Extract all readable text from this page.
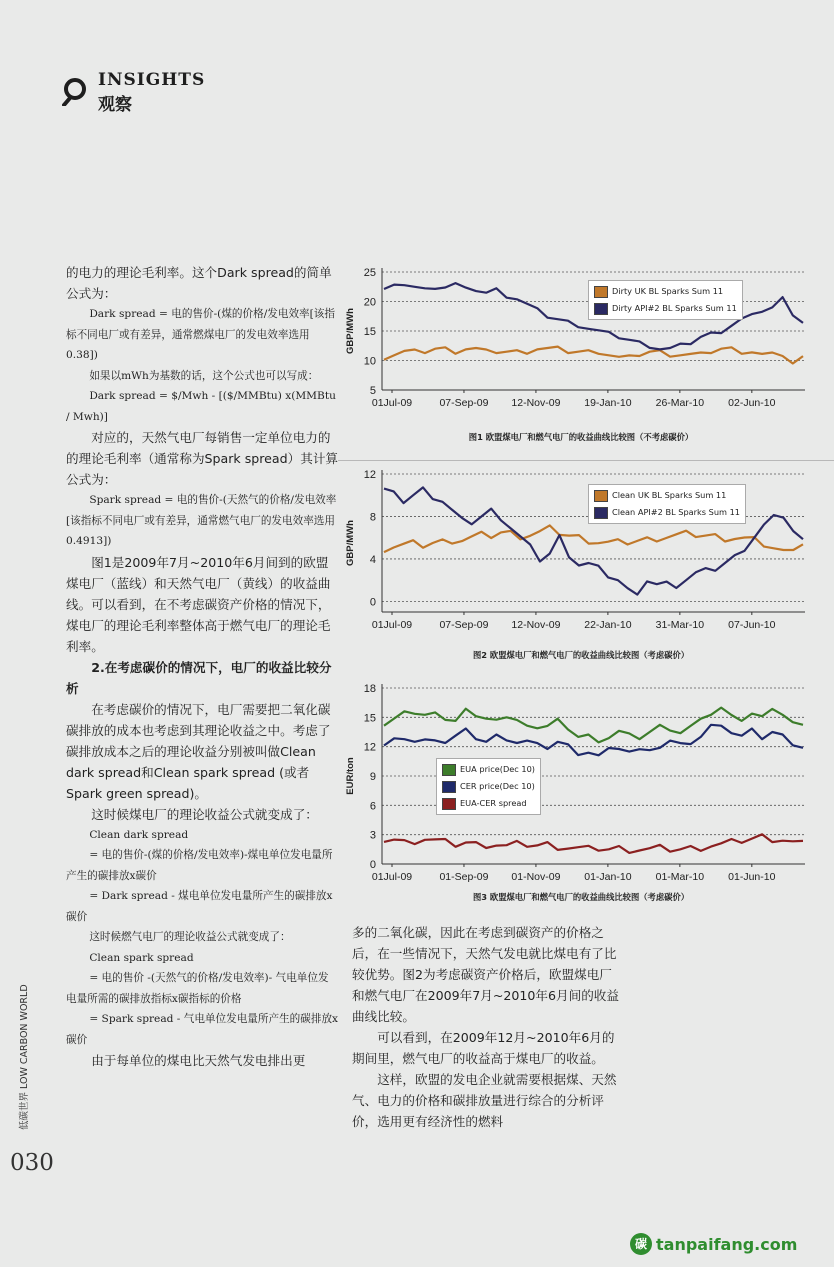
INSIGHTS
观察

的电力的理论毛利率。这个Dark spread的简单公式为：

Dark spread = 电的售价-(煤的价格/发电效率[该指标不同电厂或有差异，通常燃煤电厂的发电效率选用0.38])

如果以mWh为基数的话，这个公式也可以写成：

Dark spread = $/Mwh - [($/MMBtu) x(MMBtu / Mwh)]

对应的，天然气电厂每销售一定单位电力的的理论毛利率（通常称为Spark spread）其计算公式为：

Spark spread = 电的售价-(天然气的价格/发电效率[该指标不同电厂或有差异，通常燃气电厂的发电效率选用0.4913])

图1是2009年7月~2010年6月间到的欧盟煤电厂（蓝线）和天然气电厂（黄线）的收益曲线。可以看到，在不考虑碳资产价格的情况下，煤电厂的理论毛利率整体高于燃气电厂的理论毛利率。

2.在考虑碳价的情况下，电厂的收益比较分析

在考虑碳价的情况下，电厂需要把二氧化碳碳排放的成本也考虑到其理论收益之中。考虑了碳排放成本之后的理论收益分别被叫做Clean dark spread和Clean spark spread (或者Spark green spread)。

这时候煤电厂的理论收益公式就变成了：

Clean dark spread

= 电的售价-(煤的价格/发电效率)-煤电单位发电量所产生的碳排放x碳价

= Dark spread - 煤电单位发电量所产生的碳排放x碳价

这时候燃气电厂的理论收益公式就变成了：

Clean spark spread

= 电的售价 -(天然气的价格/发电效率)- 气电单位发电量所需的碳排放指标x碳指标的价格

= Spark spread - 气电单位发电量所产生的碳排放x碳价

由于每单位的煤电比天然气发电排出更

5
10
15
20
25
01Jul-09	07-Sep-09 12-Nov-09 19-Jan-10 26-Mar-10 02-Jun-10
GBP/MWh
图1 欧盟煤电厂和燃气电厂的收益曲线比较图（不考虑碳价）
Dirty UK BL Sparks Sum 11
Dirty API#2 BL Sparks Sum 11
0
4
8
12
01Jul-09	07-Sep-09 12-Nov-09 22-Jan-10 31-Mar-10 07-Jun-10
GBP/MWh
图2 欧盟煤电厂和燃气电厂的收益曲线比较图（考虑碳价）
Clean UK BL Sparks Sum 11
Clean API#2 BL Sparks Sum 11
0
3
6
9
12
15
18
01Jul-09	01-Sep-09 01-Nov-09 01-Jan-10 01-Mar-10 01-Jun-10
EUR/ton
图3 欧盟煤电厂和燃气电厂的收益曲线比较图（考虑碳价）
EUA price(Dec 10)
CER price(Dec 10)
EUA-CER spread

多的二氧化碳，因此在考虑到碳资产的价格之后，在一些情况下，天然气发电就比煤电有了比较优势。图2为考虑碳资产价格后，欧盟煤电厂和燃气电厂在2009年7月~2010年6月间的收益曲线比较。

可以看到，在2009年12月~2010年6月的期间里，燃气电厂的收益高于煤电厂的收益。

这样，欧盟的发电企业就需要根据煤、天然气、电力的价格和碳排放量进行综合的分析评价，选用更有经济性的燃料

低碳世界 LOW CARBON WORLD
030
碳 tanpaifang.com
